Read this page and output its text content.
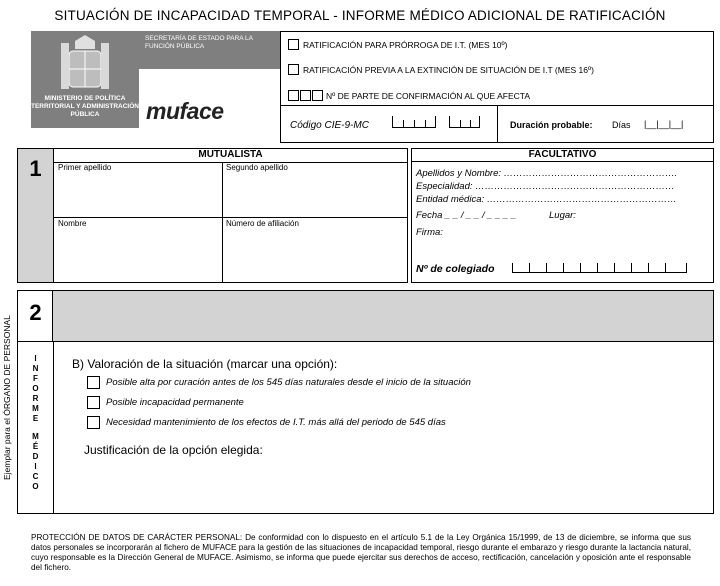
SITUACIÓN DE INCAPACIDAD TEMPORAL - INFORME MÉDICO ADICIONAL DE RATIFICACIÓN
SECRETARÍA DE ESTADO PARA LA FUNCIÓN PÚBLICA
MINISTERIO DE POLÍTICA TERRITORIAL Y ADMINISTRACIÓN PÚBLICA	muface
RATIFICACIÓN PARA PRÓRROGA DE I.T. (MES 10º)
RATIFICACIÓN PREVIA A LA EXTINCIÓN DE SITUACIÓN DE I.T (MES 16º)
Nº DE PARTE DE CONFIRMACIÓN AL QUE AFECTA
Código CIE-9-MC	Duración probable: Días |__|__|__|
1
MUTUALISTA
Primer apellido	Segundo apellido
Nombre	Número de afiliación
FACULTATIVO
Apellidos y Nombre: ……………………………………………….
Especialidad: ………………………………………………………
Entidad médica: ……………………………………………………
Fecha _ _ / _ _ / _ _ _ _	Lugar:
Firma:
Nº de colegiado
Ejemplar para el ÓRGANO DE PERSONAL
2
I
N
F
O
R
M
E
M
É
D
I
C
O
B) Valoración de la situación (marcar una opción):
Posible alta por curación antes de los 545 días naturales desde el inicio de la situación
Posible incapacidad permanente
Necesidad mantenimiento de los efectos de I.T. más allá del periodo de 545 días
Justificación de la opción elegida:
PROTECCIÓN DE DATOS DE CARÁCTER PERSONAL: De conformidad con lo dispuesto en el artículo 5.1 de la Ley Orgánica 15/1999, de 13 de diciembre, se informa que sus datos personales se incorporarán al fichero de MUFACE para la gestión de las situaciones de incapacidad temporal, riesgo durante el embarazo y riesgo durante la lactancia natural, cuyo responsable es la Dirección General de MUFACE. Asimismo, se informa que puede ejercitar sus derechos de acceso, rectificación, cancelación y oposición ante el responsable del fichero.
